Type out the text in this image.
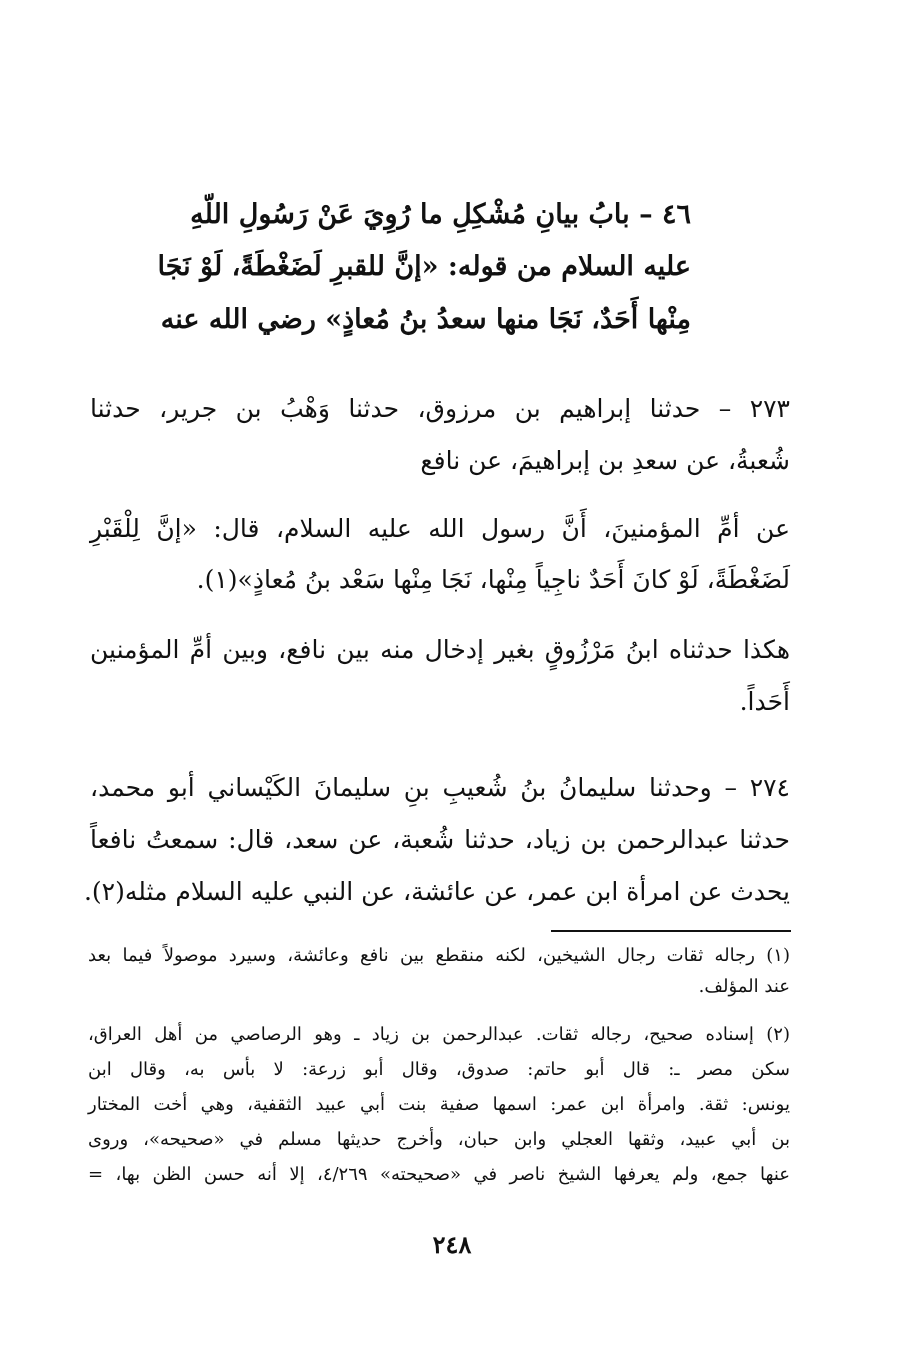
٤٦ – بابُ بيانِ مُشْكِلِ ما رُوِيَ عَنْ رَسُولِ اللّهِ

عليه السلام من قوله: «إنَّ للقبرِ لَضَغْطَةً، لَوْ نَجَا

مِنْها أَحَدٌ، نَجَا منها سعدُ بنُ مُعاذٍ» رضي الله عنه

٢٧٣ – حدثنا إبراهيم بن مرزوق، حدثنا وَهْبُ بن جرير، حدثنا

شُعبةُ، عن سعدِ بن إبراهيمَ، عن نافع

عن أمِّ المؤمنينَ، أَنَّ رسول الله عليه السلام، قال: «إنَّ لِلْقَبْرِ

لَضَغْطَةً، لَوْ كانَ أَحَدٌ ناجِياً مِنْها، نَجَا مِنْها سَعْد بنُ مُعاذٍ»(١).

هكذا حدثناه ابنُ مَرْزُوقٍ بغير إدخال منه بين نافع، وبين أمِّ المؤمنين

أَحَداً.

٢٧٤ – وحدثنا سليمانُ بنُ شُعيبِ بنِ سليمانَ الكَيْساني أبو محمد،

حدثنا عبدالرحمن بن زياد، حدثنا شُعبة، عن سعد، قال: سمعتُ نافعاً

يحدث عن امرأة ابن عمر، عن عائشة، عن النبي عليه السلام مثله(٢).

(١) رجاله ثقات رجال الشيخين، لكنه منقطع بين نافع وعائشة، وسيرد موصولاً فيما بعد

عند المؤلف.

(٢) إسناده صحيح، رجاله ثقات. عبدالرحمن بن زياد ـ وهو الرصاصي من أهل العراق،

سكن مصر ـ: قال أبو حاتم: صدوق، وقال أبو زرعة: لا بأس به، وقال ابن

يونس: ثقة. وامرأة ابن عمر: اسمها صفية بنت أبي عبيد الثقفية، وهي أخت المختار

بن أبي عبيد، وثقها العجلي وابن حبان، وأخرج حديثها مسلم في «صحيحه»، وروى

عنها جمع، ولم يعرفها الشيخ ناصر في «صحيحته» ٤/٢٦٩، إلا أنه حسن الظن بها، =

٢٤٨
